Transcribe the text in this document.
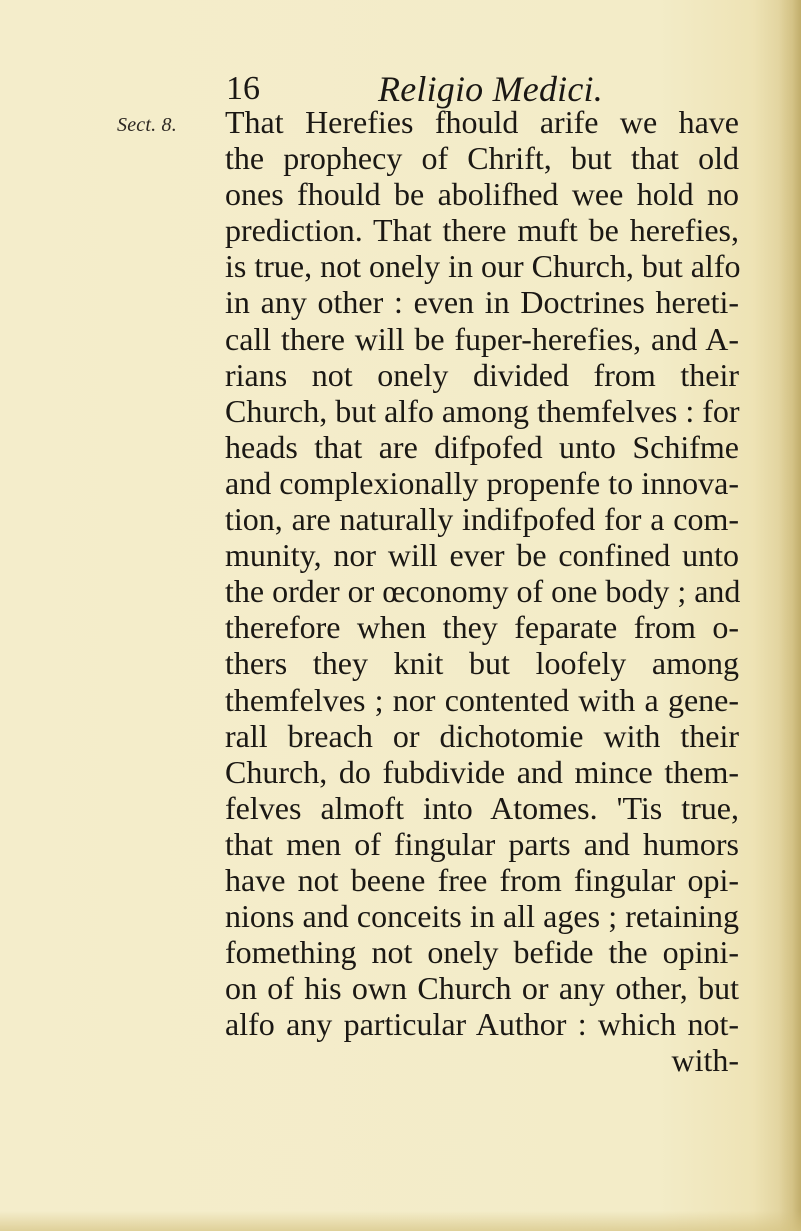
16	Religio Medici.
Sect. 8. That Herefies fhould arife we have
the prophecy of Chrift, but that old
ones fhould be abolifhed wee hold no
prediction. That there muft be herefies,
is true, not onely in our Church, but alfo
in any other : even in Doctrines hereti-
call there will be fuper-herefies, and A-
rians not onely divided from their
Church, but alfo among themfelves : for
heads that are difpofed unto Schifme
and complexionally propenfe to innova-
tion, are naturally indifpofed for a com-
munity, nor will ever be confined unto
the order or œconomy of one body ; and
therefore when they feparate from o-
thers they knit but loofely among
themfelves ; nor contented with a gene-
rall breach or dichotomie with their
Church, do fubdivide and mince them-
felves almoft into Atomes. 'Tis true,
that men of fingular parts and humors
have not beene free from fingular opi-
nions and conceits in all ages ; retaining
fomething not onely befide the opini-
on of his own Church or any other, but
alfo any particular Author : which not-
with-
